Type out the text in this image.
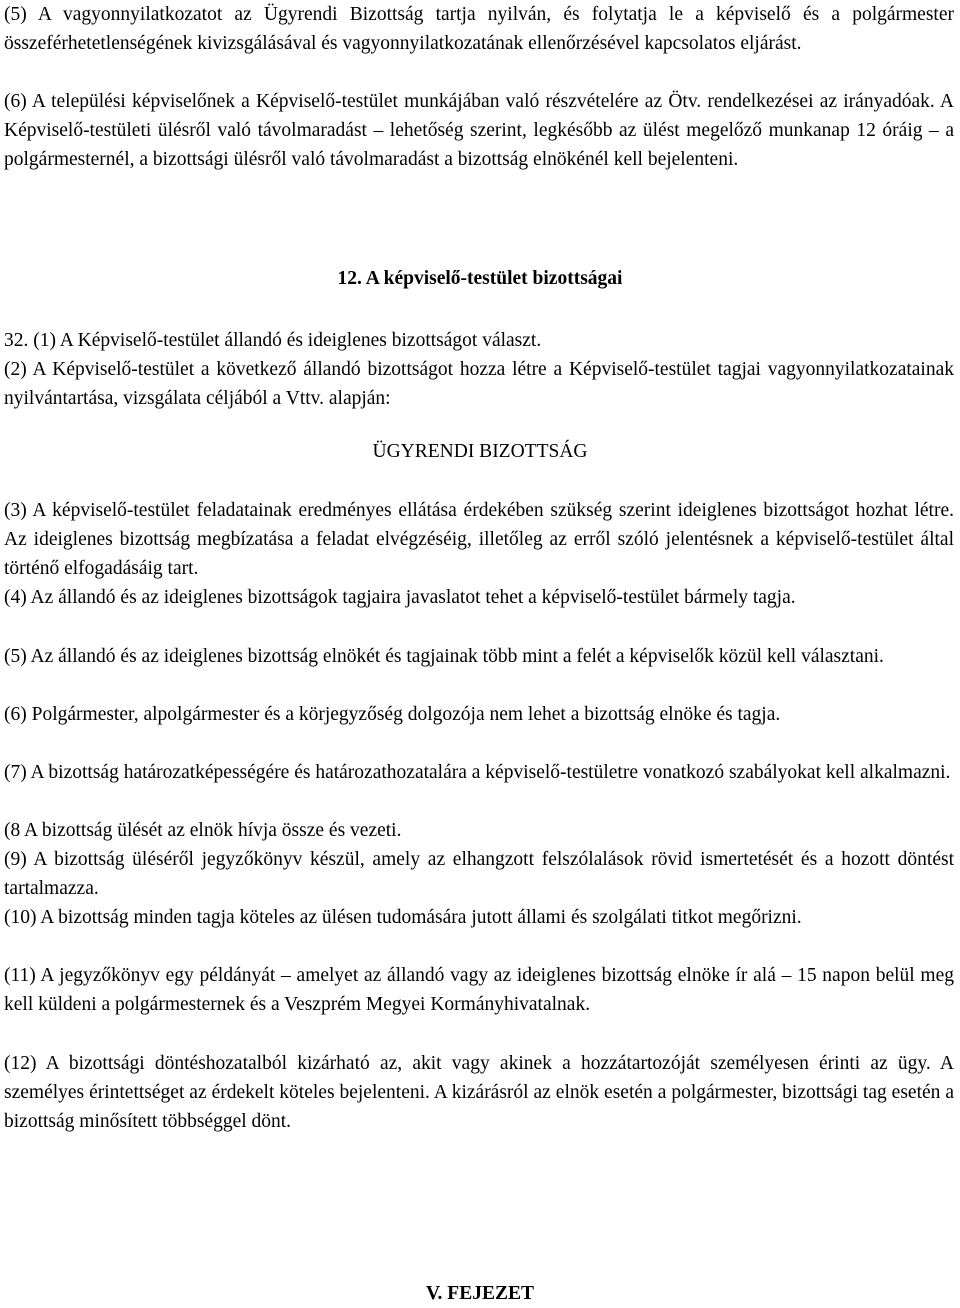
(5) A vagyonnyilatkozatot az Ügyrendi Bizottság tartja nyilván, és folytatja le a képviselő és a polgármester összeférhetetlenségének kivizsgálásával és vagyonnyilatkozatának ellenőrzésével kapcsolatos eljárást.

(6) A települési képviselőnek a Képviselő-testület munkájában való részvételére az Ötv. rendelkezései az irányadóak. A Képviselő-testületi ülésről való távolmaradást – lehetőség szerint, legkésőbb az ülést megelőző munkanap 12 óráig – a polgármesternél, a bizottsági ülésről való távolmaradást a bizottság elnökénél kell bejelenteni.

12. A képviselő-testület bizottságai

32. (1) A Képviselő-testület állandó és ideiglenes bizottságot választ.

(2) A Képviselő-testület a következő állandó bizottságot hozza létre a Képviselő-testület tagjai vagyonnyilatkozatainak nyilvántartása, vizsgálata céljából a Vttv. alapján:

ÜGYRENDI BIZOTTSÁG

(3) A képviselő-testület feladatainak eredményes ellátása érdekében szükség szerint ideiglenes bizottságot hozhat létre. Az ideiglenes bizottság megbízatása a feladat elvégzéséig, illetőleg az erről szóló jelentésnek a képviselő-testület által történő elfogadásáig tart.

(4) Az állandó és az ideiglenes bizottságok tagjaira javaslatot tehet a képviselő-testület bármely tagja.

(5) Az állandó és az ideiglenes bizottság elnökét és tagjainak több mint a felét a képviselők közül kell választani.

(6) Polgármester, alpolgármester és a körjegyzőség dolgozója nem lehet a bizottság elnöke és tagja.

(7) A bizottság határozatképességére és határozathozatalára a képviselő-testületre vonatkozó szabályokat kell alkalmazni.

(8 A bizottság ülését az elnök hívja össze és vezeti.

(9) A bizottság üléséről jegyzőkönyv készül, amely az elhangzott felszólalások rövid ismertetését és a hozott döntést tartalmazza.

(10) A bizottság minden tagja köteles az ülésen tudomására jutott állami és szolgálati titkot megőrizni.

(11) A jegyzőkönyv egy példányát – amelyet az állandó vagy az ideiglenes bizottság elnöke ír alá – 15 napon belül meg kell küldeni a polgármesternek és a Veszprém Megyei Kormányhivatalnak.

(12) A bizottsági döntéshozatalból kizárható az, akit vagy akinek a hozzátartozóját személyesen érinti az ügy. A személyes érintettséget az érdekelt köteles bejelenteni. A kizárásról az elnök esetén a polgármester, bizottsági tag esetén a bizottság minősített többséggel dönt.

V. FEJEZET
